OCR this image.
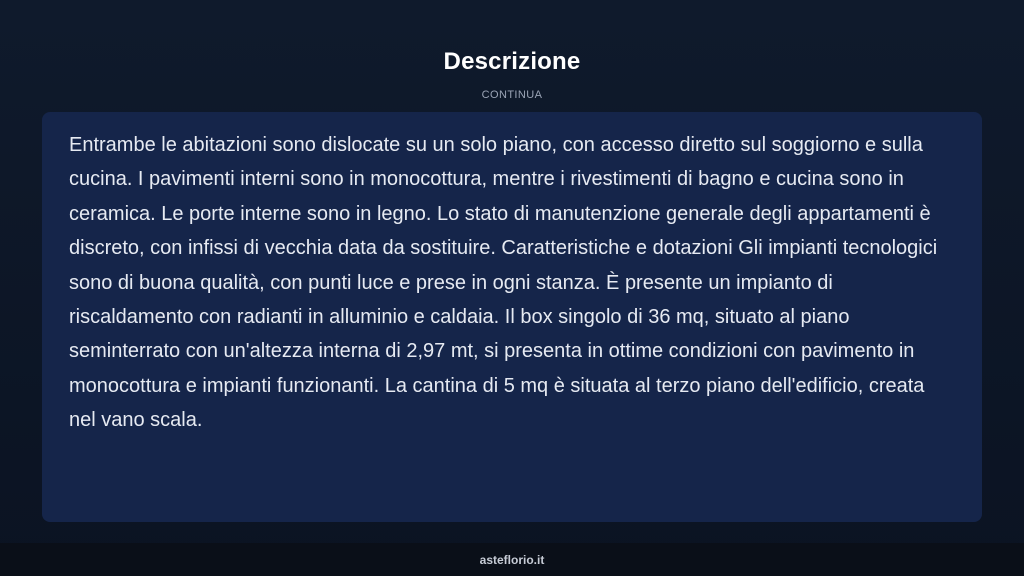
Descrizione
CONTINUA

Entrambe le abitazioni sono dislocate su un solo piano, con accesso diretto sul soggiorno e sulla cucina. I pavimenti interni sono in monocottura, mentre i rivestimenti di bagno e cucina sono in ceramica. Le porte interne sono in legno. Lo stato di manutenzione generale degli appartamenti è discreto, con infissi di vecchia data da sostituire. Caratteristiche e dotazioni Gli impianti tecnologici sono di buona qualità, con punti luce e prese in ogni stanza. È presente un impianto di riscaldamento con radianti in alluminio e caldaia. Il box singolo di 36 mq, situato al piano seminterrato con un'altezza interna di 2,97 mt, si presenta in ottime condizioni con pavimento in monocottura e impianti funzionanti. La cantina di 5 mq è situata al terzo piano dell'edificio, creata nel vano scala.

asteflorio.it
